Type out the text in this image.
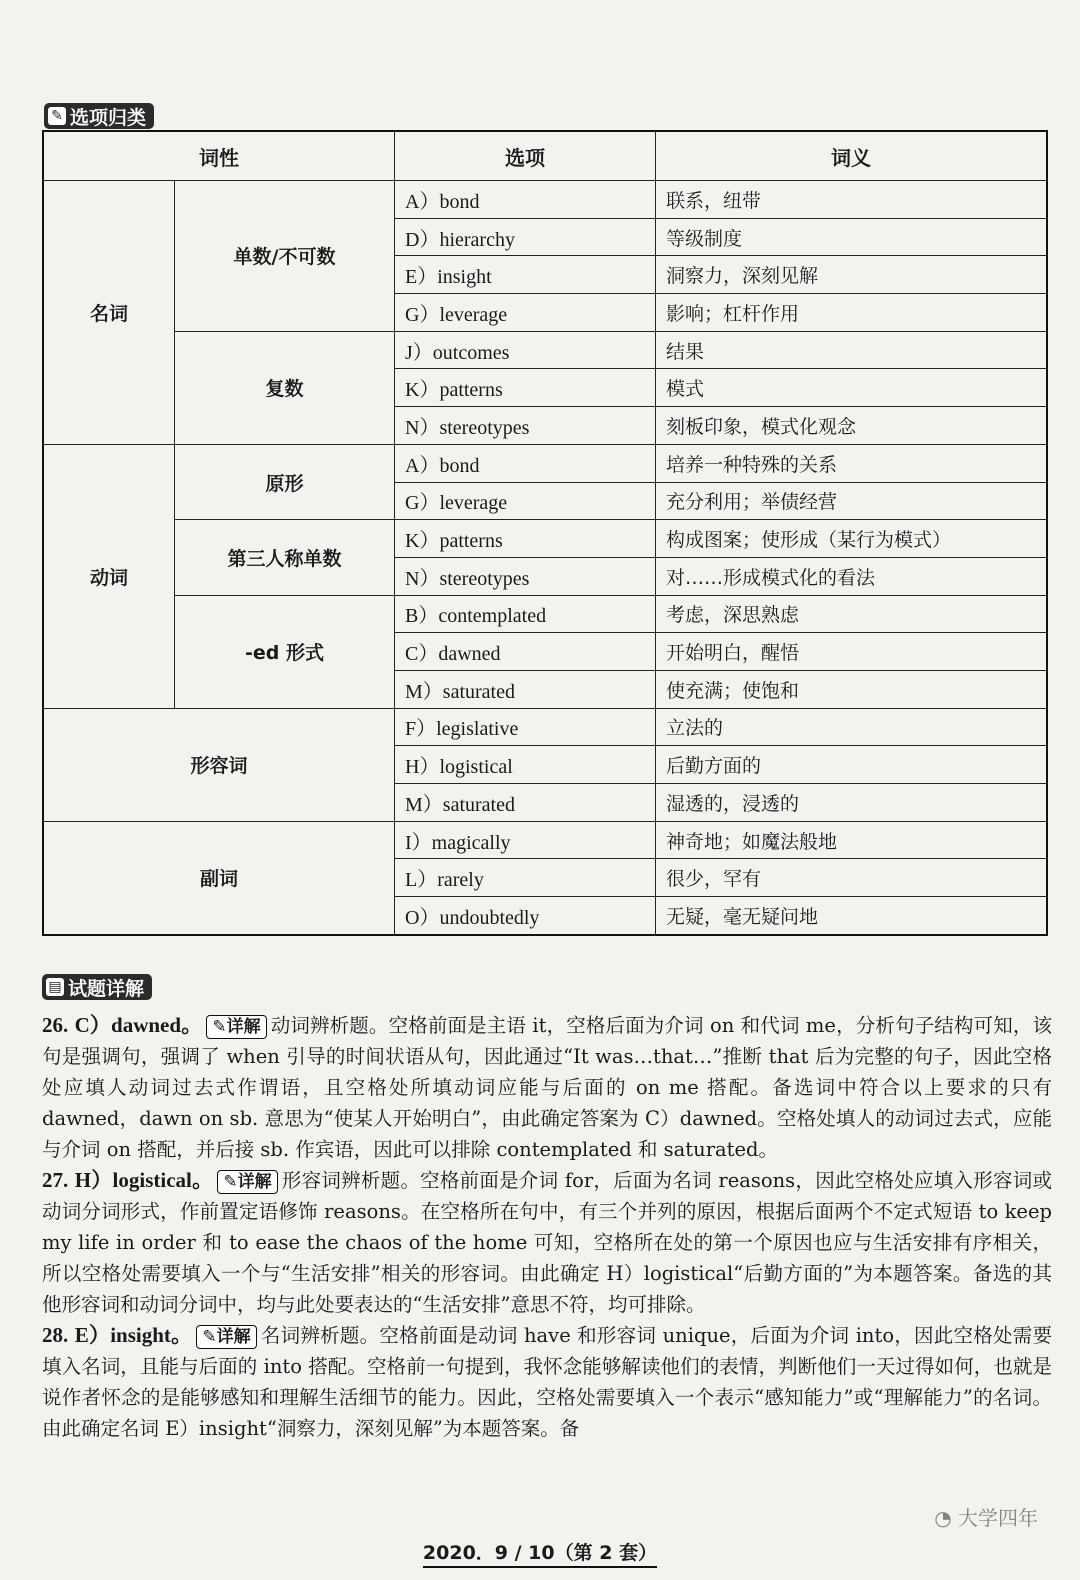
✎ 选项归类
词性		选项	词义
名词	单数/不可数	A）bond	联系，纽带
		D）hierarchy	等级制度
		E）insight	洞察力，深刻见解
		G）leverage	影响；杠杆作用
	复数	J）outcomes	结果
		K）patterns	模式
		N）stereotypes	刻板印象，模式化观念
动词	原形	A）bond	培养一种特殊的关系
		G）leverage	充分利用；举债经营
	第三人称单数	K）patterns	构成图案；使形成（某行为模式）
		N）stereotypes	对……形成模式化的看法
	-ed 形式	B）contemplated	考虑，深思熟虑
		C）dawned	开始明白，醒悟
		M）saturated	使充满；使饱和
形容词		F）legislative	立法的
		H）logistical	后勤方面的
		M）saturated	湿透的，浸透的
副词		I）magically	神奇地；如魔法般地
		L）rarely	很少，罕有
		O）undoubtedly	无疑，毫无疑问地
▤ 试题详解

26. C）dawned。 ✎详解 动词辨析题。空格前面是主语 it，空格后面为介词 on 和代词 me，分析句子结构可知，该句是强调句，强调了 when 引导的时间状语从句，因此通过“It was…that…”推断 that 后为完整的句子，因此空格处应填人动词过去式作谓语，且空格处所填动词应能与后面的 on me 搭配。备选词中符合以上要求的只有 dawned，dawn on sb. 意思为“使某人开始明白”，由此确定答案为 C）dawned。空格处填人的动词过去式，应能与介词 on 搭配，并后接 sb. 作宾语，因此可以排除 contemplated 和 saturated。

27. H）logistical。 ✎详解 形容词辨析题。空格前面是介词 for，后面为名词 reasons，因此空格处应填入形容词或动词分词形式，作前置定语修饰 reasons。在空格所在句中，有三个并列的原因，根据后面两个不定式短语 to keep my life in order 和 to ease the chaos of the home 可知，空格所在处的第一个原因也应与生活安排有序相关，所以空格处需要填入一个与“生活安排”相关的形容词。由此确定 H）logistical“后勤方面的”为本题答案。备选的其他形容词和动词分词中，均与此处要表达的“生活安排”意思不符，均可排除。

28. E）insight。 ✎详解 名词辨析题。空格前面是动词 have 和形容词 unique，后面为介词 into，因此空格处需要填入名词，且能与后面的 into 搭配。空格前一句提到，我怀念能够解读他们的表情，判断他们一天过得如何，也就是说作者怀念的是能够感知和理解生活细节的能力。因此，空格处需要填入一个表示“感知能力”或“理解能力”的名词。由此确定名词 E）insight“洞察力，深刻见解”为本题答案。备

◔ 大学四年
2020．9 / 10（第 2 套）
